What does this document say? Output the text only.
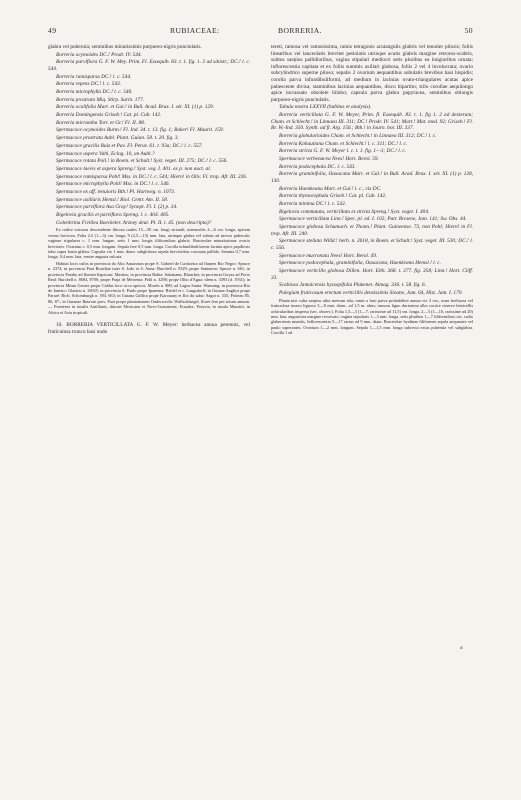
49	RUBIACEAE:	BORRERIA.	50

glabra vel puberula; seminibus minutissimis purpureo-nigris punctulatis.

Borreria ocymoides DC.! Prodr. IV. 544.

Borreria parviflora G. F. W. Mey. Prim. Fl. Essequib. 83. t. 1. fig. 1. 2 ad sinistr.; DC.! l. c. 544.

Borreria ramisparsa DC.! l. c. 544.

Borreria repens DC.! l. c. 543.

Borreria microphylla DC.! l. c. 546.

Borreria prostrata Miq. Stirp. Surin. 177.

Borreria ocalifolia Mart. et Gal.! in Bull. Acad. Brux. I. sér. XI. (1) p. 129.

Borreria Domingensis Griseb.! Cat. pl. Cub. 142.

Borreria micrantha Torr. et Gr.! Fl. II. 88.

Spermacoce ocymoides Burm.! Fl. Ind. 34. t. 13. fig. 1; Baker! Fl. Maurit. 159.

Spermacoce prostrata Aubl. Plant. Guian. 58. t. 20. fig. 3.

Spermacoce gracilis Ruiz et Pav. Fl. Peruv. 61. t. 93a; DC.! l. c. 557.

Spermacoce aspera Vahl, Eclog. 10, an Aubl.?

Spermacoce rotata Poil.! in Roem. et Schult.! Syst. veget. III. 275; DC.! l. c. 556.

Spermacoce laevis et aspera Spreng.! Syst. veg. I. 401. ex p. non auct. al.

Spermacoce ramisparsa Pohl! Mss. in DC.! l. c. 544; Hiern! in Oliv. Fl. trop. Afr. III. 236.

Spermacoce microphylla Pohl! Mss. in DC.! l. c. 546.

Spermacoce ex aff. tenuioris Bth.! Pl. Hartweg. n. 1073.

Spermacoce axillaris Hemsl.! Biol. Centr. Am. II. 58.

Spermacoce parviflora Asa Gray! Synopt. Fl. I. (2) p. 34.

Bigelovia gracilis et parviflora Spreng. l. c. 404. 405.

Golenbrina Fivillea Boeckeler. Arzney deut. Pl. II. t. 45. (non descripta)?

Ex radice tortuosa descendente fibrosa caules 15—50 cm. longi striatuli; internodiis 2—6 cm. longa, apicem versus breviora. Folia 2,5 (1—3) cm. longa, 9 (2,5—15) mm. lata, utrinque glabra vel subtus ad nervos puberula; vaginae stipulares c. 1 mm. longae, setis 1 mm. longis filiformibus glabris. Bracteolae minutissimae ovario breviores. Ovarium c. 0,5 mm. longum. Sepala fere 0,5 mm. longa. Corolla infundibuliformis lacinia apice papillosis tubo supra basin glabra. Capsula vix 1 mm. diam. subglobosa sepala brevioribus coronata pallida. Semina 0,7 mm. longa, 0,4 mm. lata, ventre angusta sulcata.

Habitat locis cultis in provincia do Alto Amazonas prope S. Gabriel de Cachoeira ad flumen Rio Negro: Spruce n. 2374; in provincia Pará Brasiliae inter S. João et S. Anna: Burchell n. 9329; prope Santarem: Spruce n. 661; in provincia Parahy ad flumen Itapicuru: Martius; in provincia Bahia: Salzmann, Blanchet; in provincia Goyaz ad Porto Real: Burchell n. 8684, 8700; prope Praja de Meirenia: Pohl n. 3298; prope Olho d'Agua: idem n. 3393 (d. 1931); in provincia Minas Geraes prope Caldas loco circa apricos: Mosén n. 880; ad Lagoa Santa: Warming; in provincia Rio de Janeiro: Glaziou n. 10025; in provincia S. Paulo prope Ipanema: Riedel et c. Langsdorff; in Guiana Anglica prope Pararé: Rich. Schomburgk n. 394. 663; in Guiana Gallica prope Karouany et Ilot du salut: Sagot n. 335; Poiteau 85, 86, 87.; in Guianae Batavae prov. Pará prope plantationem Ouderwecht: Wullschlaegel, floret fere per totum annum. — Praeterea in insulis Antillanis, ditione Mexicana et Novo-Granatensi, Ecuador, Peruvia, in insula Mauritii, in Africa et Asia tropicali.

10. BORRERIA VERTICILLATA G. F. W. Meyer: herbacea annua perennis, vel fruticulosa trunco basi nudo

tereti, ramosa vel ramosissima, ramis tetragonis acutangulis glabris vel tenuiter pilosis; foliis linearibus vel lanceolatis breviter petiolatis utrinque acutis glabris margine retrorso-scabris, subtus saepius pallidioribus, vagina stipulari mediocri setis pluribus ea longioribus ornata; inflorescentia capitata et ex foliis summis axillari globosa, foliis 2 vel 4 involucrata; ovario subcylindrico superne piloso; sepalis 2 ovarium aequantibus subulatis brevibus basi hispidis; corolla parva infundibuliformi, ad medium in lacinias ovato-triangulares acutas apice pubescente divisa; staminibus lacinias aequantibus, disco bipartito; stilo corollae aequilongo apice incrassato obsolete bilobo; capsula parva glabra papyracea, seminibus oblongis purpureo-nigris punctulatis.

Tabula nostra LXXVII (habitus et analysis).

Borreria verticillata G. F. W. Meyer, Prim. fl. Essequib. 83. t. 1. fig 1. 2 ad dexteram; Cham. et Schlecht.! in Linnaea III. 311; DC.! Prodr. IV. 541; Mart.! Mat. med. 92; Griseb.! Fl. Br. W.-Ind. 350. Synth. ad fl. Arg. 156.; Bth.! in Journ. bot. III. 337.

Borreria globularioides Cham. et Schlecht.! in Linnaea III. 312; DC.! l. c.

Borreria Kohautiana Cham. et Schlecht.! l. c. 311; DC.! l. c.

Borreria stricta G. F. W. Meyer l. c. t. 1. fig. 1—3; DC.! l. c.

Spermacoce verbenacea Nees! Hort. Berol. 59.

Borreria podocephala DC. l. c. 543.

Borreria graminifolia, Oaxacana Mart. et Gal.! in Bull. Acad. Brux. I. sér. XI. (1) p. 128, 130.

Borreria Haenkeana Mart. et Gal.! l. c., vix DC.

Borreria thymocephala Griseb.! Cat. pl. Cub. 142.

Borreria minima DC.! l. c. 542.

Bigelovia commutata, verticillata et stricta Spreng.! Syst. veget. I. 404.

Spermacoce verticillata Linn.! Spec. pl. ed. I. 102; Patr. Browne, Jam. 141; Sw. Obs. 44.

Spermacoce globosa Schumach. et Thonn.! Plant. Guineense. 73, non Pohl; Hiern! in Fl. trop. Afr. III. 240.

Spermacoce stellata Willd.! herb. n. 2618, in Roem. et Schult.! Syst. veget. III. 530; DC.! l. c. 556.

Spermacoce mucronata Nees! Hort. Berol. 49.

Spermacoce podocephala, graminifolia, Oaxacana, Haenkeana Hemsl.! l. c.

Spermacoce verticillo globosa Dillen. Hort. Elth. 368. t. 277. fig. 358; Linn.! Hort. Cliff. 33.

Scabiosa Jamaicensis hyssopifolia Plukenet. Almag. 336. t. 58. fig. 6.

Pulegium fruticosum erectum verticillis densissimis Sloane, Jam. 64, Hist. Jam. I. 170.

Planta nisi culta saepius ultra metrum alta, ramis a basi parva probabiliter annua vix 3 cm., nunc herbacea vel fruticulosa trunco lignoso 3—8 mm. diam., ad 1,5 m. altus; truncus ligno durissimo albo cortice cinereo lenticellis orbicularibus inspersa (sec. observ.). Folia 1,5—3 (1—7, rarissime ad 11,5) cm. longa, 2—3 (1—10, rarissime ad 20) mm. lata, angustiora margine recurvato; vagina stipularis 1—3 mm. longa, setis pluribus 1—7 filiformibus circ. radio glaberrimis munitis. Inflorescentia 5—17 rarius ad 9 mm. diam. Bracteolae hyalinae filiformes sepala aequantes vel paulo superantes. Ovarium 1—2 mm. longum. Sepala 1—1,5 mm. longa subrecta extus puberula vel subglabra. Corolla 1 ad

a
